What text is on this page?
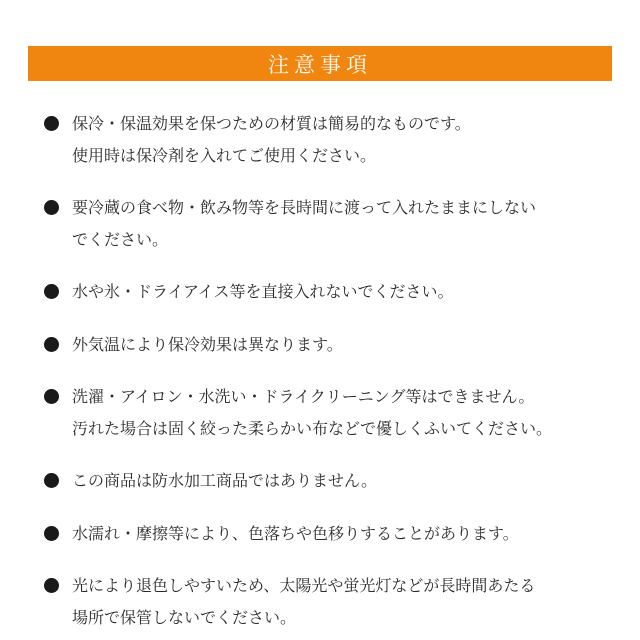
注意事項
保冷・保温効果を保つための材質は簡易的なものです。
使用時は保冷剤を入れてご使用ください。
要冷蔵の食べ物・飲み物等を長時間に渡って入れたままにしない
でください。
水や氷・ドライアイス等を直接入れないでください。
外気温により保冷効果は異なります。
洗濯・アイロン・水洗い・ドライクリーニング等はできません。
汚れた場合は固く絞った柔らかい布などで優しくふいてください。
この商品は防水加工商品ではありません。
水濡れ・摩擦等により、色落ちや色移りすることがあります。
光により退色しやすいため、太陽光や蛍光灯などが長時間あたる
場所で保管しないでください。
